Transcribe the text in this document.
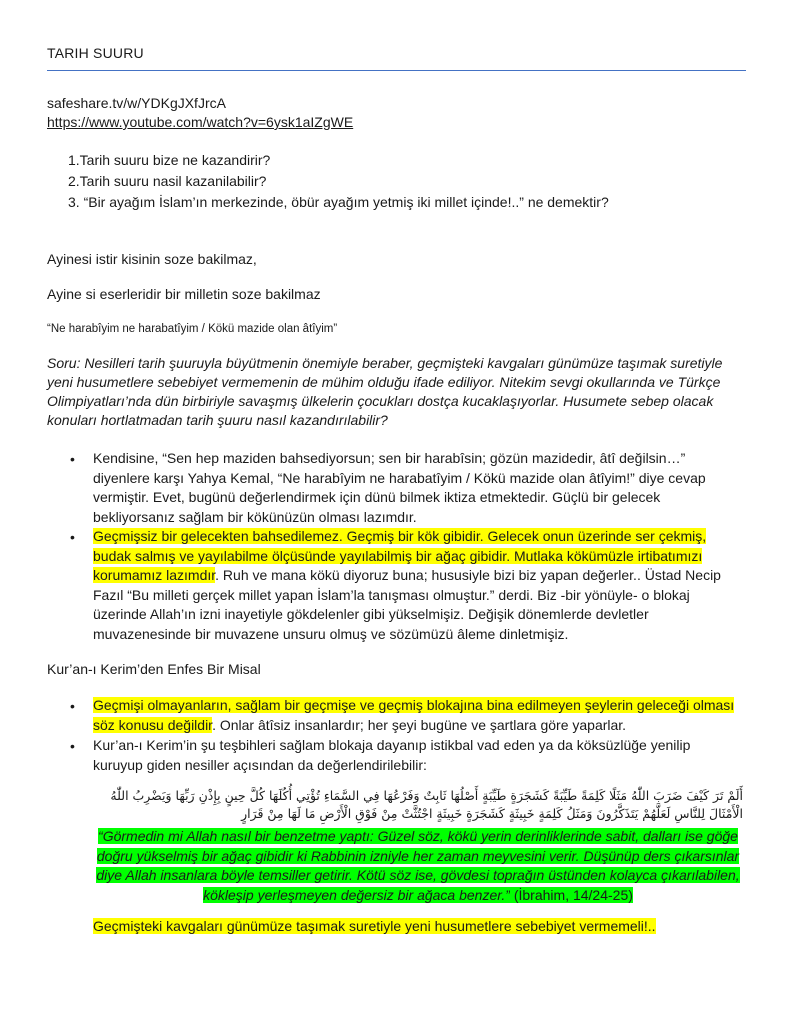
TARIH SUURU
safeshare.tv/w/YDKgJXfJrcA
https://www.youtube.com/watch?v=6ysk1aIZgWE
1.Tarih suuru bize ne kazandirir?
2.Tarih suuru nasil kazanilabilir?
3. “Bir ayağım İslam’ın merkezinde, öbür ayağım yetmiş iki millet içinde!..” ne demektir?
Ayinesi istir kisinin soze bakilmaz,
Ayine si eserleridir bir milletin soze bakilmaz
“Ne harabîyim ne harabatîyim / Kökü mazide olan âtîyim”
Soru: Nesilleri tarih şuuruyla büyütmenin önemiyle beraber, geçmişteki kavgaları günümüze taşımak suretiyle yeni husumetlere sebebiyet vermemenin de mühim olduğu ifade ediliyor. Nitekim sevgi okullarında ve Türkçe Olimpiyatları’nda dün birbiriyle savaşmış ülkelerin çocukları dostça kucaklaşıyorlar. Husumete sebep olacak konuları hortlatmadan tarih şuuru nasıl kazandırılabilir?
• Kendisine, “Sen hep maziden bahsediyorsun; sen bir harabîsin; gözün mazidedir, âtî değilsin…” diyenlere karşı Yahya Kemal, “Ne harabîyim ne harabatîyim / Kökü mazide olan âtîyim!” diye cevap vermiştir. Evet, bugünü değerlendirmek için dünü bilmek iktiza etmektedir. Güçlü bir gelecek bekliyorsanız sağlam bir kökünüzün olması lazımdır.
• Geçmişsiz bir gelecekten bahsedilemez. Geçmiş bir kök gibidir. Gelecek onun üzerinde ser çekmiş, budak salmış ve yayılabilme ölçüsünde yayılabilmiş bir ağaç gibidir. Mutlaka kökümüzle irtibatımızı korumamız lazımdır. Ruh ve mana kökü diyoruz buna; hususiyle bizi biz yapan değerler.. Üstad Necip Fazıl “Bu milleti gerçek millet yapan İslam’la tanışması olmuştur.” derdi. Biz -bir yönüyle- o blokaj üzerinde Allah’ın izni inayetiyle gökdelenler gibi yükselmişiz. Değişik dönemlerde devletler muvazenesinde bir muvazene unsuru olmuş ve sözümüzü âleme dinletmişiz.
Kur’an-ı Kerim’den Enfes Bir Misal
• Geçmişi olmayanların, sağlam bir geçmişe ve geçmiş blokajına bina edilmeyen şeylerin geleceği olması söz konusu değildir. Onlar âtîsiz insanlardır; her şeyi bugüne ve şartlara göre yaparlar.
• Kur’an-ı Kerim’in şu teşbihleri sağlam blokaja dayanıp istikbal vad eden ya da köksüzlüğe yenilip kuruyup giden nesiller açısından da değerlendirilebilir:
أَلَمْ تَرَ كَيْفَ ضَرَبَ اللّٰهُ مَثَلًا كَلِمَةً طَيِّبَةً كَشَجَرَةٍ طَيِّبَةٍ أَصْلُهَا ثَابِتٌ وَفَرْعُهَا فِي السَّمَاءِ تُؤْتِي أُكُلَهَا كُلَّ حِينٍ بِإِذْنِ رَبِّهَا وَيَضْرِبُ اللّٰهُ الْأَمْثَالَ لِلنَّاسِ لَعَلَّهُمْ يَتَذَكَّرُونَ وَمَثَلُ كَلِمَةٍ خَبِيثَةٍ كَشَجَرَةٍ خَبِيثَةٍ اجْتُثَّتْ مِنْ فَوْقِ الْأَرْضِ مَا لَهَا مِنْ قَرَارٍ
“Görmedin mi Allah nasıl bir benzetme yaptı: Güzel söz, kökü yerin derinliklerinde sabit, dalları ise göğe doğru yükselmiş bir ağaç gibidir ki Rabbinin izniyle her zaman meyvesini verir. Düşünüp ders çıkarsınlar diye Allah insanlara böyle temsiller getirir. Kötü söz ise, gövdesi toprağın üstünden kolayca çıkarılabilen, kökleşip yerleşmeyen değersiz bir ağaca benzer.” (İbrahim, 14/24-25)
Geçmişteki kavgaları günümüze taşımak suretiyle yeni husumetlere sebebiyet vermemeli!..
